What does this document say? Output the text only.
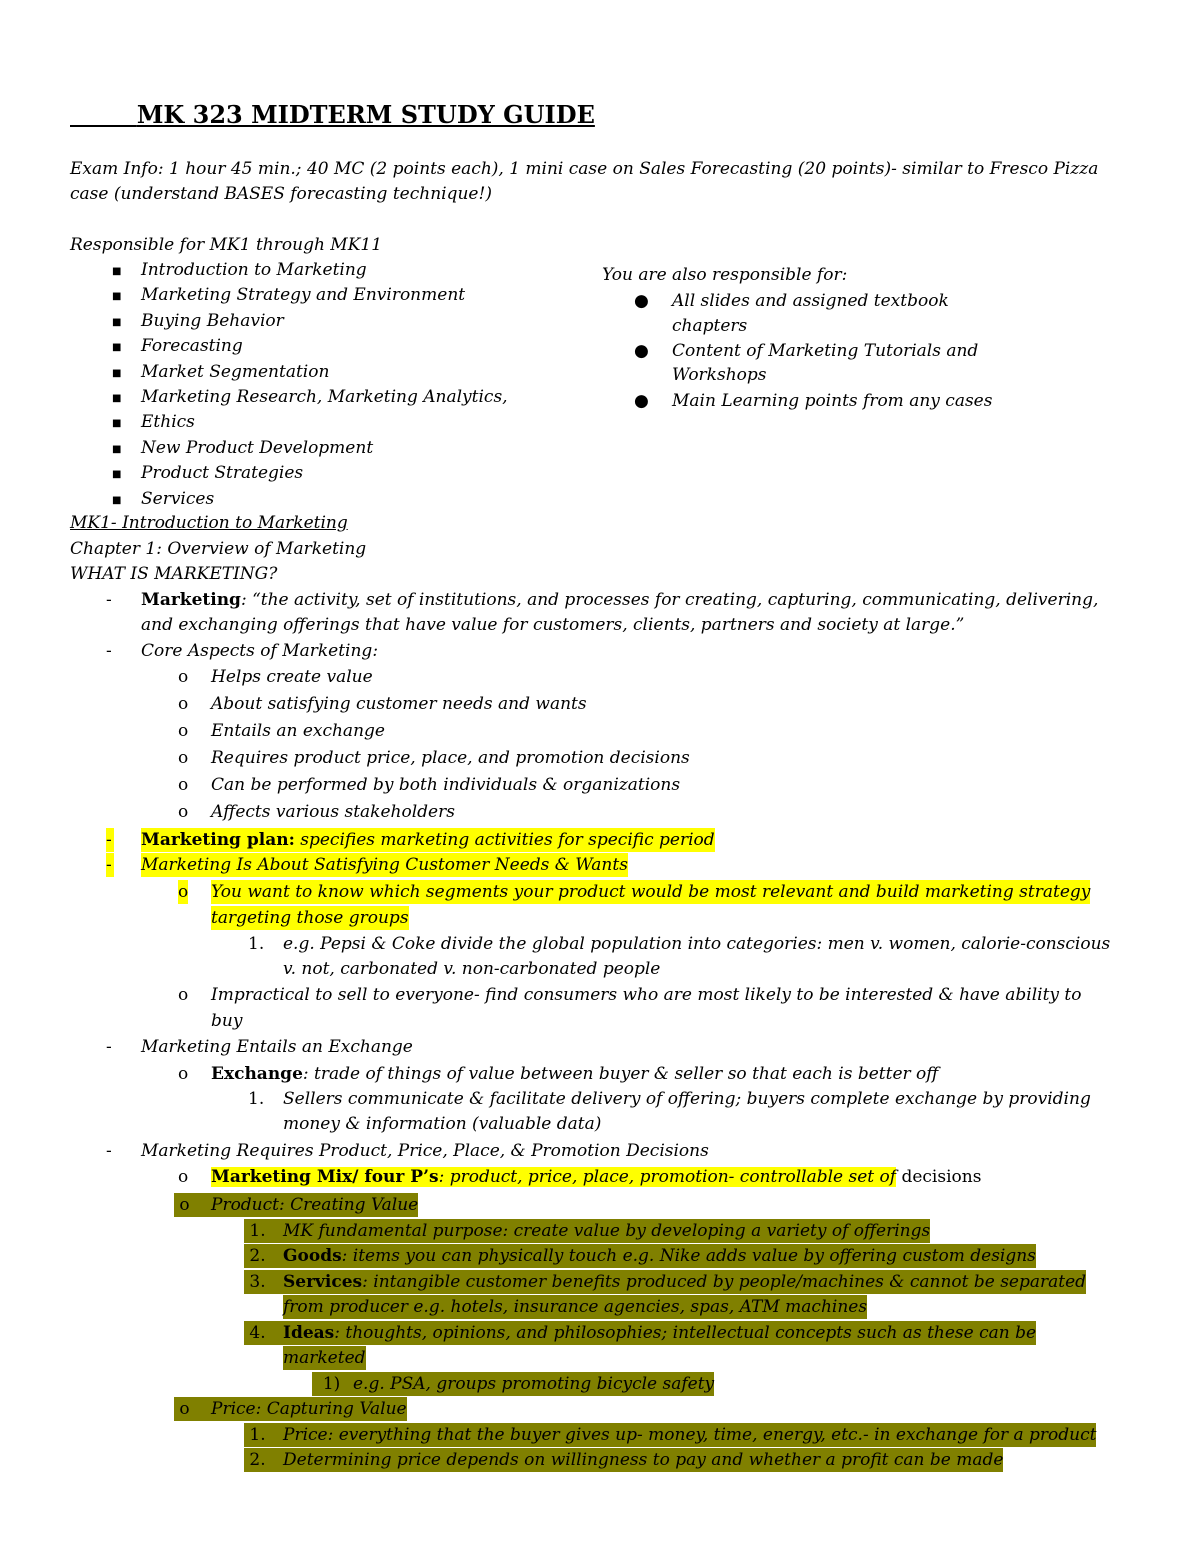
MK 323 MIDTERM STUDY GUIDE
Exam Info: 1 hour 45 min.; 40 MC (2 points each), 1 mini case on Sales Forecasting (20 points)- similar to Fresco Pizza
case (understand BASES forecasting technique!)
Responsible for MK1 through MK11
■ Introduction to Marketing
■ Marketing Strategy and Environment
■ Buying Behavior
■ Forecasting
■ Market Segmentation
■ Marketing Research, Marketing Analytics,
■ Ethics
■ New Product Development
■ Product Strategies
■ Services
You are also responsible for:
● All slides and assigned textbook
chapters
● Content of Marketing Tutorials and
Workshops
● Main Learning points from any cases
MK1- Introduction to Marketing
Chapter 1: Overview of Marketing
WHAT IS MARKETING?
- Marketing: “the activity, set of institutions, and processes for creating, capturing, communicating, delivering,
and exchanging offerings that have value for customers, clients, partners and society at large.”
- Core Aspects of Marketing:
o Helps create value
o About satisfying customer needs and wants
o Entails an exchange
o Requires product price, place, and promotion decisions
o Can be performed by both individuals & organizations
o Affects various stakeholders
- Marketing plan: specifies marketing activities for specific period
- Marketing Is About Satisfying Customer Needs & Wants
o You want to know which segments your product would be most relevant and build marketing strategy
targeting those groups
1. e.g. Pepsi & Coke divide the global population into categories: men v. women, calorie-conscious
v. not, carbonated v. non-carbonated people
o Impractical to sell to everyone- find consumers who are most likely to be interested & have ability to
buy
- Marketing Entails an Exchange
o Exchange: trade of things of value between buyer & seller so that each is better off
1. Sellers communicate & facilitate delivery of offering; buyers complete exchange by providing
money & information (valuable data)
- Marketing Requires Product, Price, Place, & Promotion Decisions
o Marketing Mix/ four P’s: product, price, place, promotion- controllable set of decisions
o	Product: Creating Value
1.	MK fundamental purpose: create value by developing a variety of offerings
2.	Goods: items you can physically touch e.g. Nike adds value by offering custom designs
3.	Services: intangible customer benefits produced by people/machines & cannot be separated
from producer e.g. hotels, insurance agencies, spas, ATM machines
4.	Ideas: thoughts, opinions, and philosophies; intellectual concepts such as these can be
marketed
1) e.g. PSA, groups promoting bicycle safety
o	Price: Capturing Value
1.	Price: everything that the buyer gives up- money, time, energy, etc.- in exchange for a product
2.	Determining price depends on willingness to pay and whether a profit can be made
